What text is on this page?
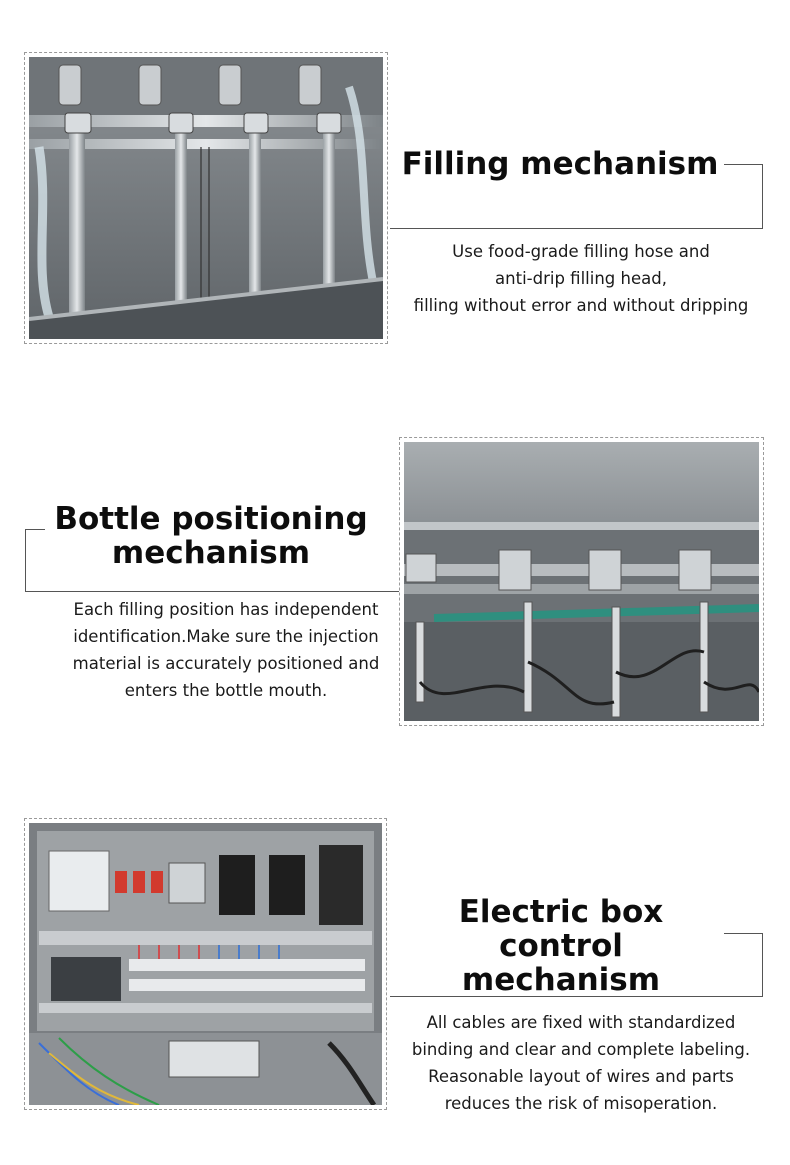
Filling mechanism
Use food-grade filling hose and
anti-drip filling head,
filling without error and without dripping
Bottle positioning
mechanism
Each filling position has independent
identification.Make sure the injection
material is accurately positioned and
enters the bottle mouth.
Electric box control
mechanism
All cables are fixed with standardized
binding and clear and complete labeling.
Reasonable layout of wires and parts
reduces the risk of misoperation.
